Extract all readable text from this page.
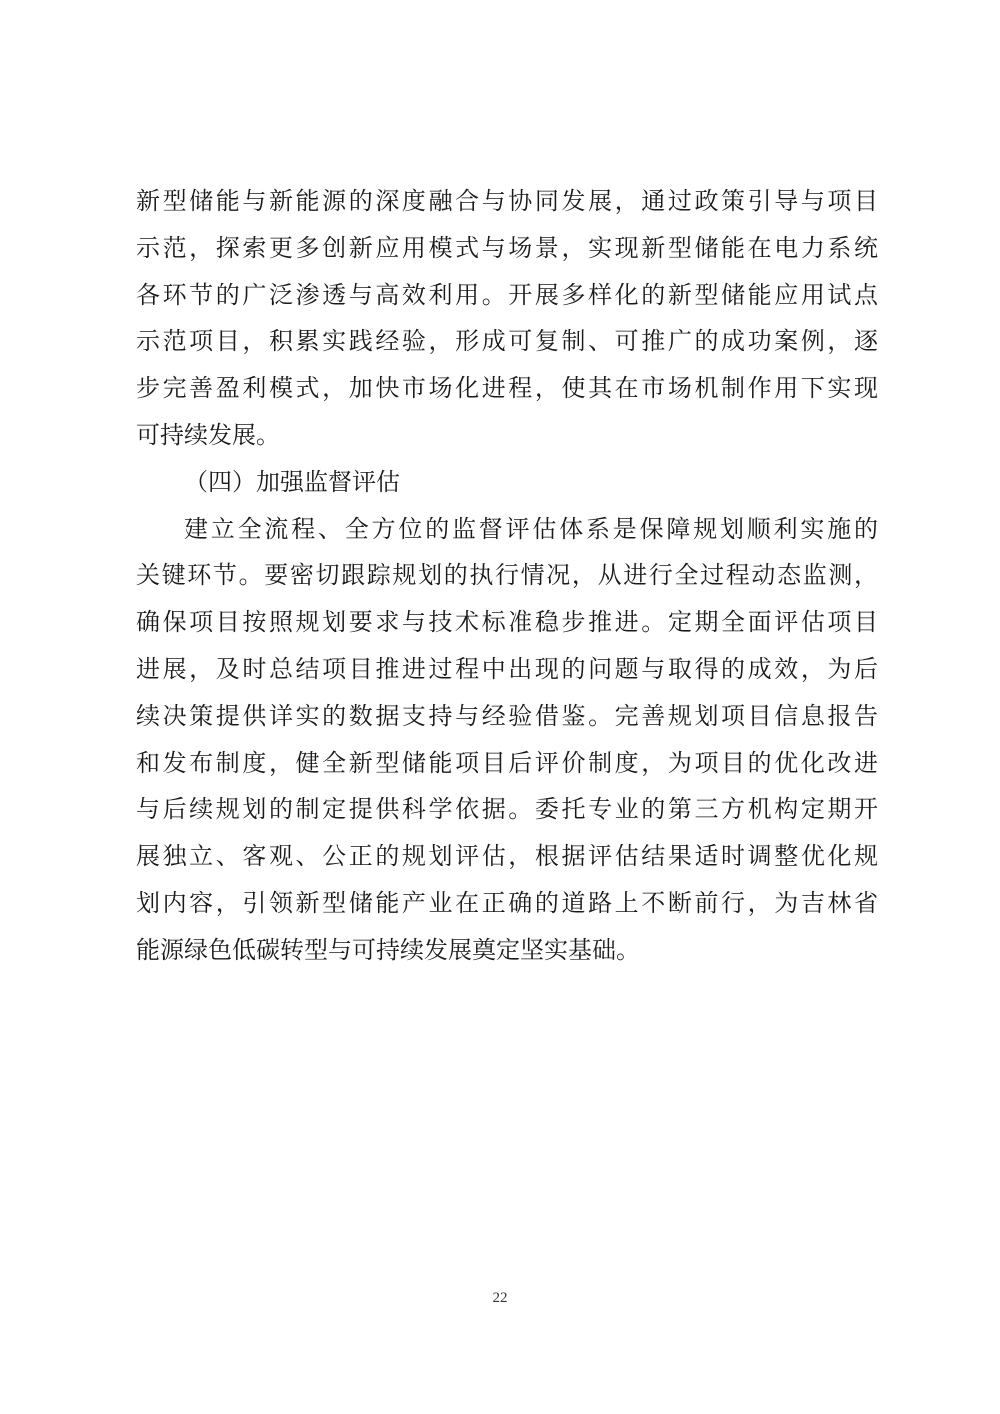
新型储能与新能源的深度融合与协同发展，通过政策引导与项目
示范，探索更多创新应用模式与场景，实现新型储能在电力系统
各环节的广泛渗透与高效利用。开展多样化的新型储能应用试点
示范项目，积累实践经验，形成可复制、可推广的成功案例，逐
步完善盈利模式，加快市场化进程，使其在市场机制作用下实现
可持续发展。
（四）加强监督评估
建立全流程、全方位的监督评估体系是保障规划顺利实施的
关键环节。要密切跟踪规划的执行情况，从进行全过程动态监测，
确保项目按照规划要求与技术标准稳步推进。定期全面评估项目
进展，及时总结项目推进过程中出现的问题与取得的成效，为后
续决策提供详实的数据支持与经验借鉴。完善规划项目信息报告
和发布制度，健全新型储能项目后评价制度，为项目的优化改进
与后续规划的制定提供科学依据。委托专业的第三方机构定期开
展独立、客观、公正的规划评估，根据评估结果适时调整优化规
划内容，引领新型储能产业在正确的道路上不断前行，为吉林省
能源绿色低碳转型与可持续发展奠定坚实基础。
22
